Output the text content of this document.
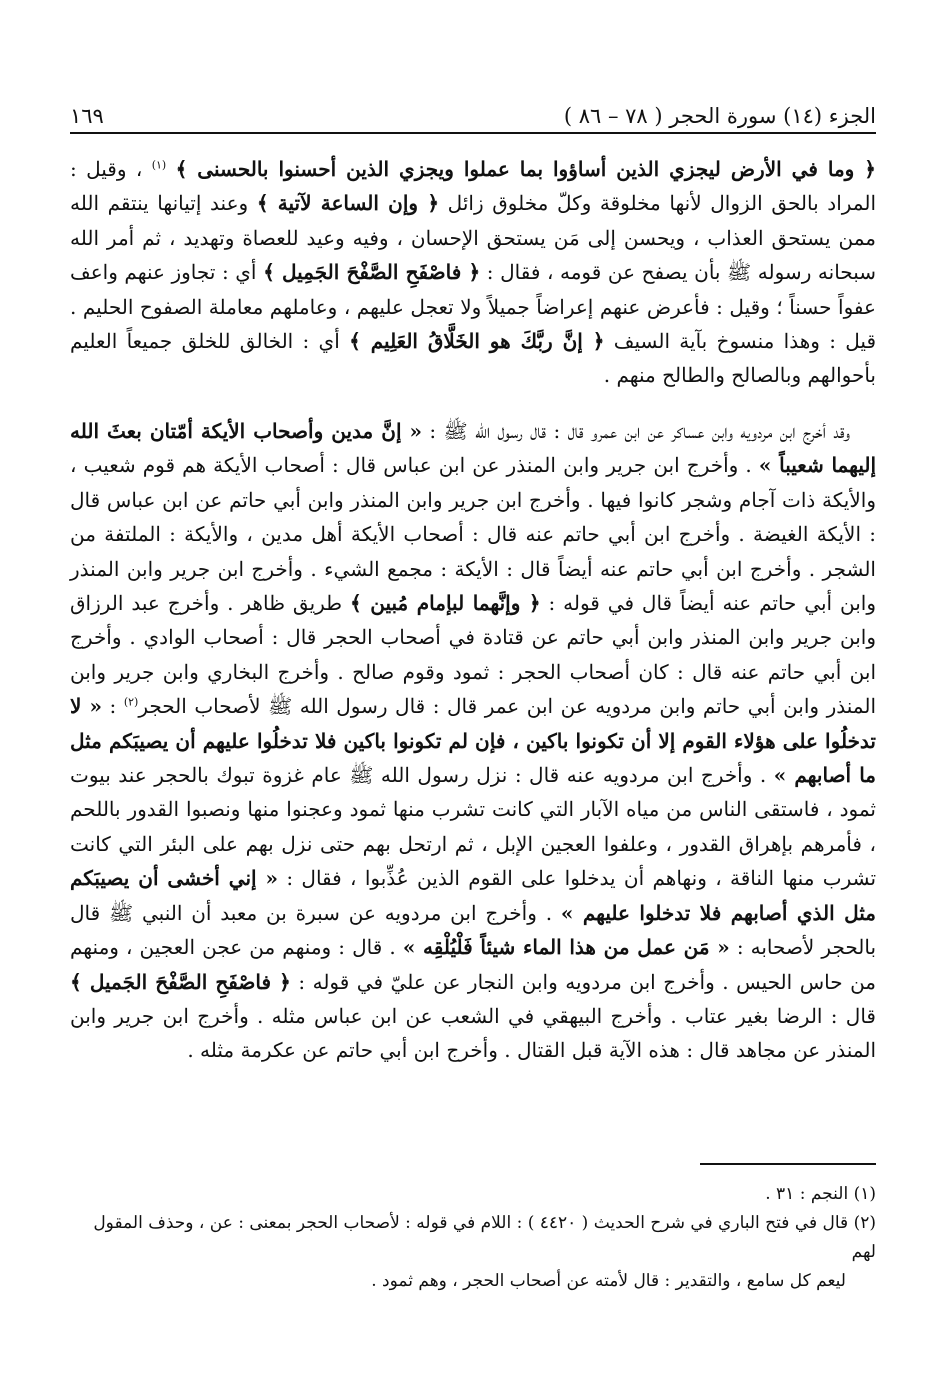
الجزء (١٤) سورة الحجر ( ٧٨ – ٨٦ )
١٦٩

﴿ وما في الأرض ليجزي الذين أساؤوا بما عملوا ويجزي الذين أحسنوا بالحسنى ﴾ $^{(١)}$ ، وقيل : المراد بالحق الزوال لأنها مخلوقة وكلّ مخلوق زائل ﴿ وإن الساعة لآتية ﴾ وعند إتيانها ينتقم الله ممن يستحق العذاب ، ويحسن إلى مَن يستحق الإحسان ، وفيه وعيد للعصاة وتهديد ، ثم أمر الله سبحانه رسوله ﷺ بأن يصفح عن قومه ، فقال : ﴿ فاصْفَحِ الصَّفْحَ الجَمِيل ﴾ أي : تجاوز عنهم واعف عفواً حسناً ؛ وقيل : فأعرض عنهم إعراضاً جميلاً ولا تعجل عليهم ، وعاملهم معاملة الصفوح الحليم . قيل : وهذا منسوخ بآية السيف ﴿ إنَّ ربَّكَ هو الخَلَّاقُ العَلِيم ﴾ أي : الخالق للخلق جميعاً العليم بأحوالهم وبالصالح والطالح منهم .

وقد أخرج ابن مردويه وابن عساكر عن ابن عمرو قال : قال رسول الله ﷺ : « إنَّ مدين وأصحاب الأيكة أمّتان بعثَ الله إليهما شعيباً » . وأخرج ابن جرير وابن المنذر عن ابن عباس قال : أصحاب الأيكة هم قوم شعيب ، والأيكة ذات آجام وشجر كانوا فيها . وأخرج ابن جرير وابن المنذر وابن أبي حاتم عن ابن عباس قال : الأيكة الغيضة . وأخرج ابن أبي حاتم عنه قال : أصحاب الأيكة أهل مدين ، والأيكة : الملتفة من الشجر . وأخرج ابن أبي حاتم عنه أيضاً قال : الأيكة : مجمع الشيء . وأخرج ابن جرير وابن المنذر وابن أبي حاتم عنه أيضاً قال في قوله : ﴿ وإنَّهما لبإمام مُبين ﴾ طريق ظاهر . وأخرج عبد الرزاق وابن جرير وابن المنذر وابن أبي حاتم عن قتادة في أصحاب الحجر قال : أصحاب الوادي . وأخرج ابن أبي حاتم عنه قال : كان أصحاب الحجر : ثمود وقوم صالح . وأخرج البخاري وابن جرير وابن المنذر وابن أبي حاتم وابن مردويه عن ابن عمر قال : قال رسول الله ﷺ لأصحاب الحجر$^{(٢)}$ : « لا تدخلُوا على هؤلاء القوم إلا أن تكونوا باكين ، فإن لم تكونوا باكين فلا تدخلُوا عليهم أن يصيبَكم مثل ما أصابهم » . وأخرج ابن مردويه عنه قال : نزل رسول الله ﷺ عام غزوة تبوك بالحجر عند بيوت ثمود ، فاستقى الناس من مياه الآبار التي كانت تشرب منها ثمود وعجنوا منها ونصبوا القدور باللحم ، فأمرهم بإهراق القدور ، وعلفوا العجين الإبل ، ثم ارتحل بهم حتى نزل بهم على البئر التي كانت تشرب منها الناقة ، ونهاهم أن يدخلوا على القوم الذين عُذِّبوا ، فقال : « إني أخشى أن يصيبَكم مثل الذي أصابهم فلا تدخلوا عليهم » . وأخرج ابن مردويه عن سبرة بن معبد أن النبي ﷺ قال بالحجر لأصحابه : « مَن عمل من هذا الماء شيئاً فَلْيُلْقِه » . قال : ومنهم من عجن العجين ، ومنهم من حاس الحيس . وأخرج ابن مردويه وابن النجار عن عليّ في قوله : ﴿ فاصْفَحِ الصَّفْحَ الجَميل ﴾ قال : الرضا بغير عتاب . وأخرج البيهقي في الشعب عن ابن عباس مثله . وأخرج ابن جرير وابن المنذر عن مجاهد قال : هذه الآية قبل القتال . وأخرج ابن أبي حاتم عن عكرمة مثله .

(١) النجم : ٣١ .

(٢) قال في فتح الباري في شرح الحديث ( ٤٤٢٠ ) : اللام في قوله : لأصحاب الحجر بمعنى : عن ، وحذف المقول لهم

ليعم كل سامع ، والتقدير : قال لأمته عن أصحاب الحجر ، وهم ثمود .
